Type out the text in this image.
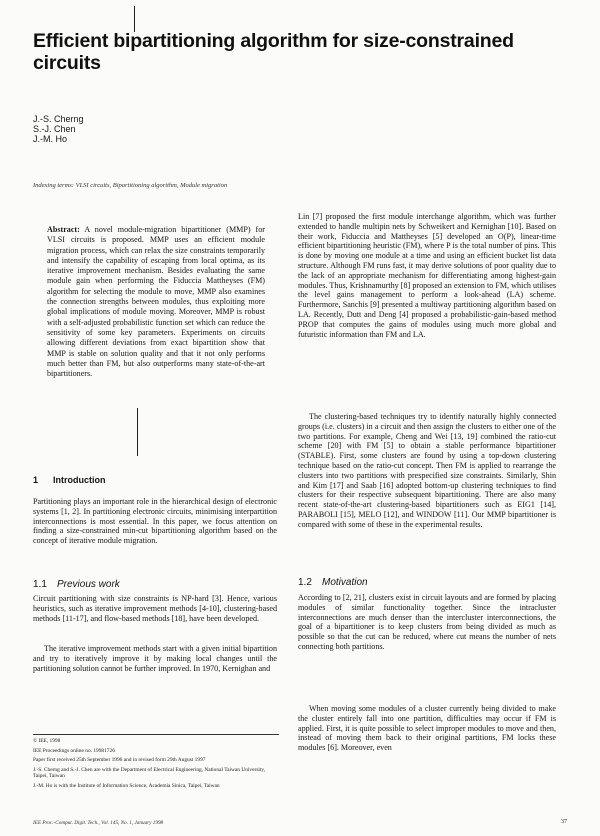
Efficient bipartitioning algorithm for size-constrained circuits
J.-S. Cherng
S.-J. Chen
J.-M. Ho
Indexing terms: VLSI circuits, Bipartitioning algorithm, Module migration
Abstract: A novel module-migration bipartitioner (MMP) for VLSI circuits is proposed. MMP uses an efficient module migration process, which can relax the size constraints temporarily and intensify the capability of escaping from local optima, as its iterative improvement mechanism. Besides evaluating the same module gain when performing the Fiduccia Mattheyses (FM) algorithm for selecting the module to move, MMP also examines the connection strengths between modules, thus exploiting more global implications of module moving. Moreover, MMP is robust with a self-adjusted probabilistic function set which can reduce the sensitivity of some key parameters. Experiments on circuits allowing different deviations from exact bipartition show that MMP is stable on solution quality and that it not only performs much better than FM, but also outperforms many state-of-the-art bipartitioners.
1 Introduction
Partitioning plays an important role in the hierarchical design of electronic systems [1, 2]. In partitioning electronic circuits, minimising interpartition interconnections is most essential. In this paper, we focus attention on finding a size-constrained min-cut bipartitioning algorithm based on the concept of iterative module migration.
1.1 Previous work
Circuit partitioning with size constraints is NP-hard [3]. Hence, various heuristics, such as iterative improvement methods [4-10], clustering-based methods [11-17], and flow-based methods [18], have been developed.
The iterative improvement methods start with a given initial bipartition and try to iteratively improve it by making local changes until the partitioning solution cannot be further improved. In 1970, Kernighan and
© IEE, 1998
IEE Proceedings online no. 19981726
Paper first received 25th September 1996 and in revised form 29th August 1997
J.-S. Cherng and S.-J. Chen are with the Department of Electrical Engineering, National Taiwan University, Taipei, Taiwan
J.-M. Ho is with the Institute of Information Science, Academia Sinica, Taipei, Taiwan
Lin [7] proposed the first module interchange algorithm, which was further extended to handle multipin nets by Schweikert and Kernighan [10]. Based on their work, Fiduccia and Mattheyses [5] developed an O(P), linear-time efficient bipartitioning heuristic (FM), where P is the total number of pins. This is done by moving one module at a time and using an efficient bucket list data structure. Although FM runs fast, it may derive solutions of poor quality due to the lack of an appropriate mechanism for differentiating among highest-gain modules. Thus, Krishnamurthy [8] proposed an extension to FM, which utilises the level gains management to perform a look-ahead (LA) scheme. Furthermore, Sanchis [9] presented a multiway partitioning algorithm based on LA. Recently, Dutt and Deng [4] proposed a probabilistic-gain-based method PROP that computes the gains of modules using much more global and futuristic information than FM and LA.
The clustering-based techniques try to identify naturally highly connected groups (i.e. clusters) in a circuit and then assign the clusters to either one of the two partitions. For example, Cheng and Wei [13, 19] combined the ratio-cut scheme [20] with FM [5] to obtain a stable performance bipartitioner (STABLE). First, some clusters are found by using a top-down clustering technique based on the ratio-cut concept. Then FM is applied to rearrange the clusters into two partitions with prespecified size constraints. Similarly, Shin and Kim [17] and Saab [16] adopted bottom-up clustering techniques to find clusters for their respective subsequent bipartitioning. There are also many recent state-of-the-art clustering-based bipartitioners such as EIG1 [14], PARABOLI [15], MELO [12], and WINDOW [11]. Our MMP bipartitioner is compared with some of these in the experimental results.
1.2 Motivation
According to [2, 21], clusters exist in circuit layouts and are formed by placing modules of similar functionality together. Since the intracluster interconnections are much denser than the intercluster interconnections, the goal of a bipartitioner is to keep clusters from being divided as much as possible so that the cut can be reduced, where cut means the number of nets connecting both partitions.
When moving some modules of a cluster currently being divided to make the cluster entirely fall into one partition, difficulties may occur if FM is applied. First, it is quite possible to select improper modules to move and then, instead of moving them back to their original partitions, FM locks these modules [6]. Moreover, even
IEE Proc.-Comput. Digit. Tech., Vol. 145, No. 1, January 1998	37
